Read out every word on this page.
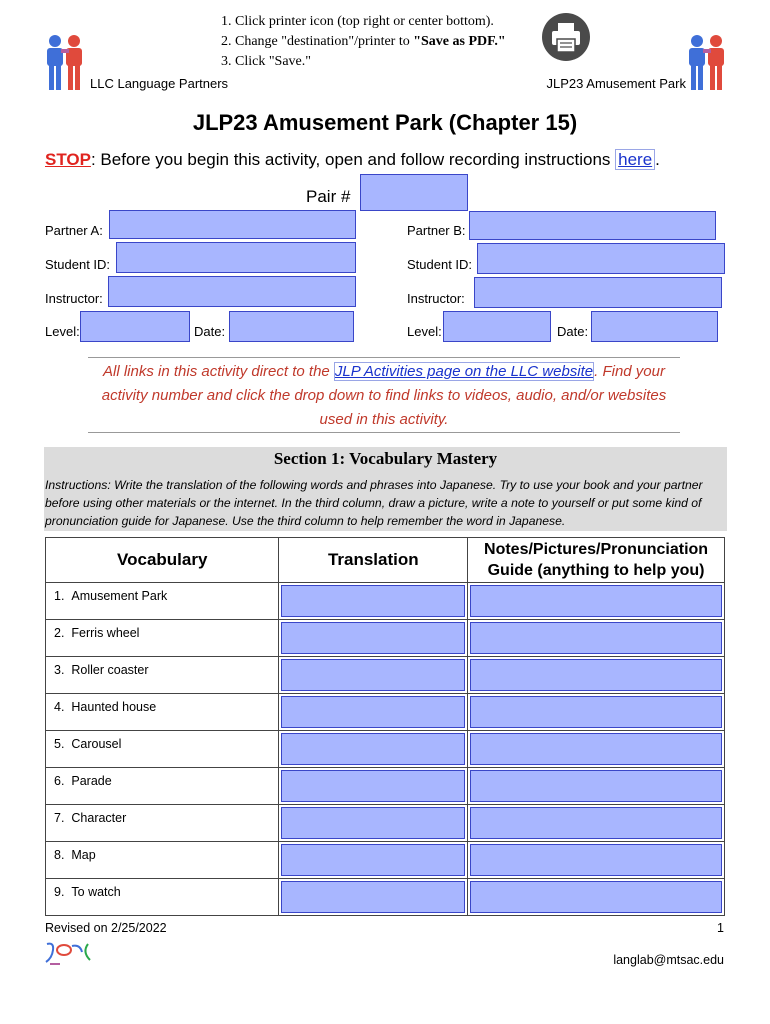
1. Click printer icon (top right or center bottom).
2. Change "destination"/printer to "Save as PDF."
3. Click "Save."
LLC Language Partners	JLP23 Amusement Park
JLP23 Amusement Park (Chapter 15)
STOP: Before you begin this activity, open and follow recording instructions here .
Pair #
Partner A:	Partner B:
Student ID:	Student ID:
Instructor:	Instructor:
Level:	Date:	Level:	Date:
All links in this activity direct to the JLP Activities page on the LLC website. Find your activity number and click the drop down to find links to videos, audio, and/or websites used in this activity.
Section 1: Vocabulary Mastery
Instructions: Write the translation of the following words and phrases into Japanese. Try to use your book and your partner before using other materials or the internet. In the third column, draw a picture, write a note to yourself or put some kind of pronunciation guide for Japanese. Use the third column to help remember the word in Japanese.
Vocabulary	Translation	Notes/Pictures/Pronunciation Guide (anything to help you)
1. Amusement Park	

2. Ferris wheel	

3. Roller coaster	

4. Haunted house	

5. Carousel	

6. Parade	

7. Character	

8. Map	

9. To watch	

Revised on 2/25/2022	1
langlab@mtsac.edu
